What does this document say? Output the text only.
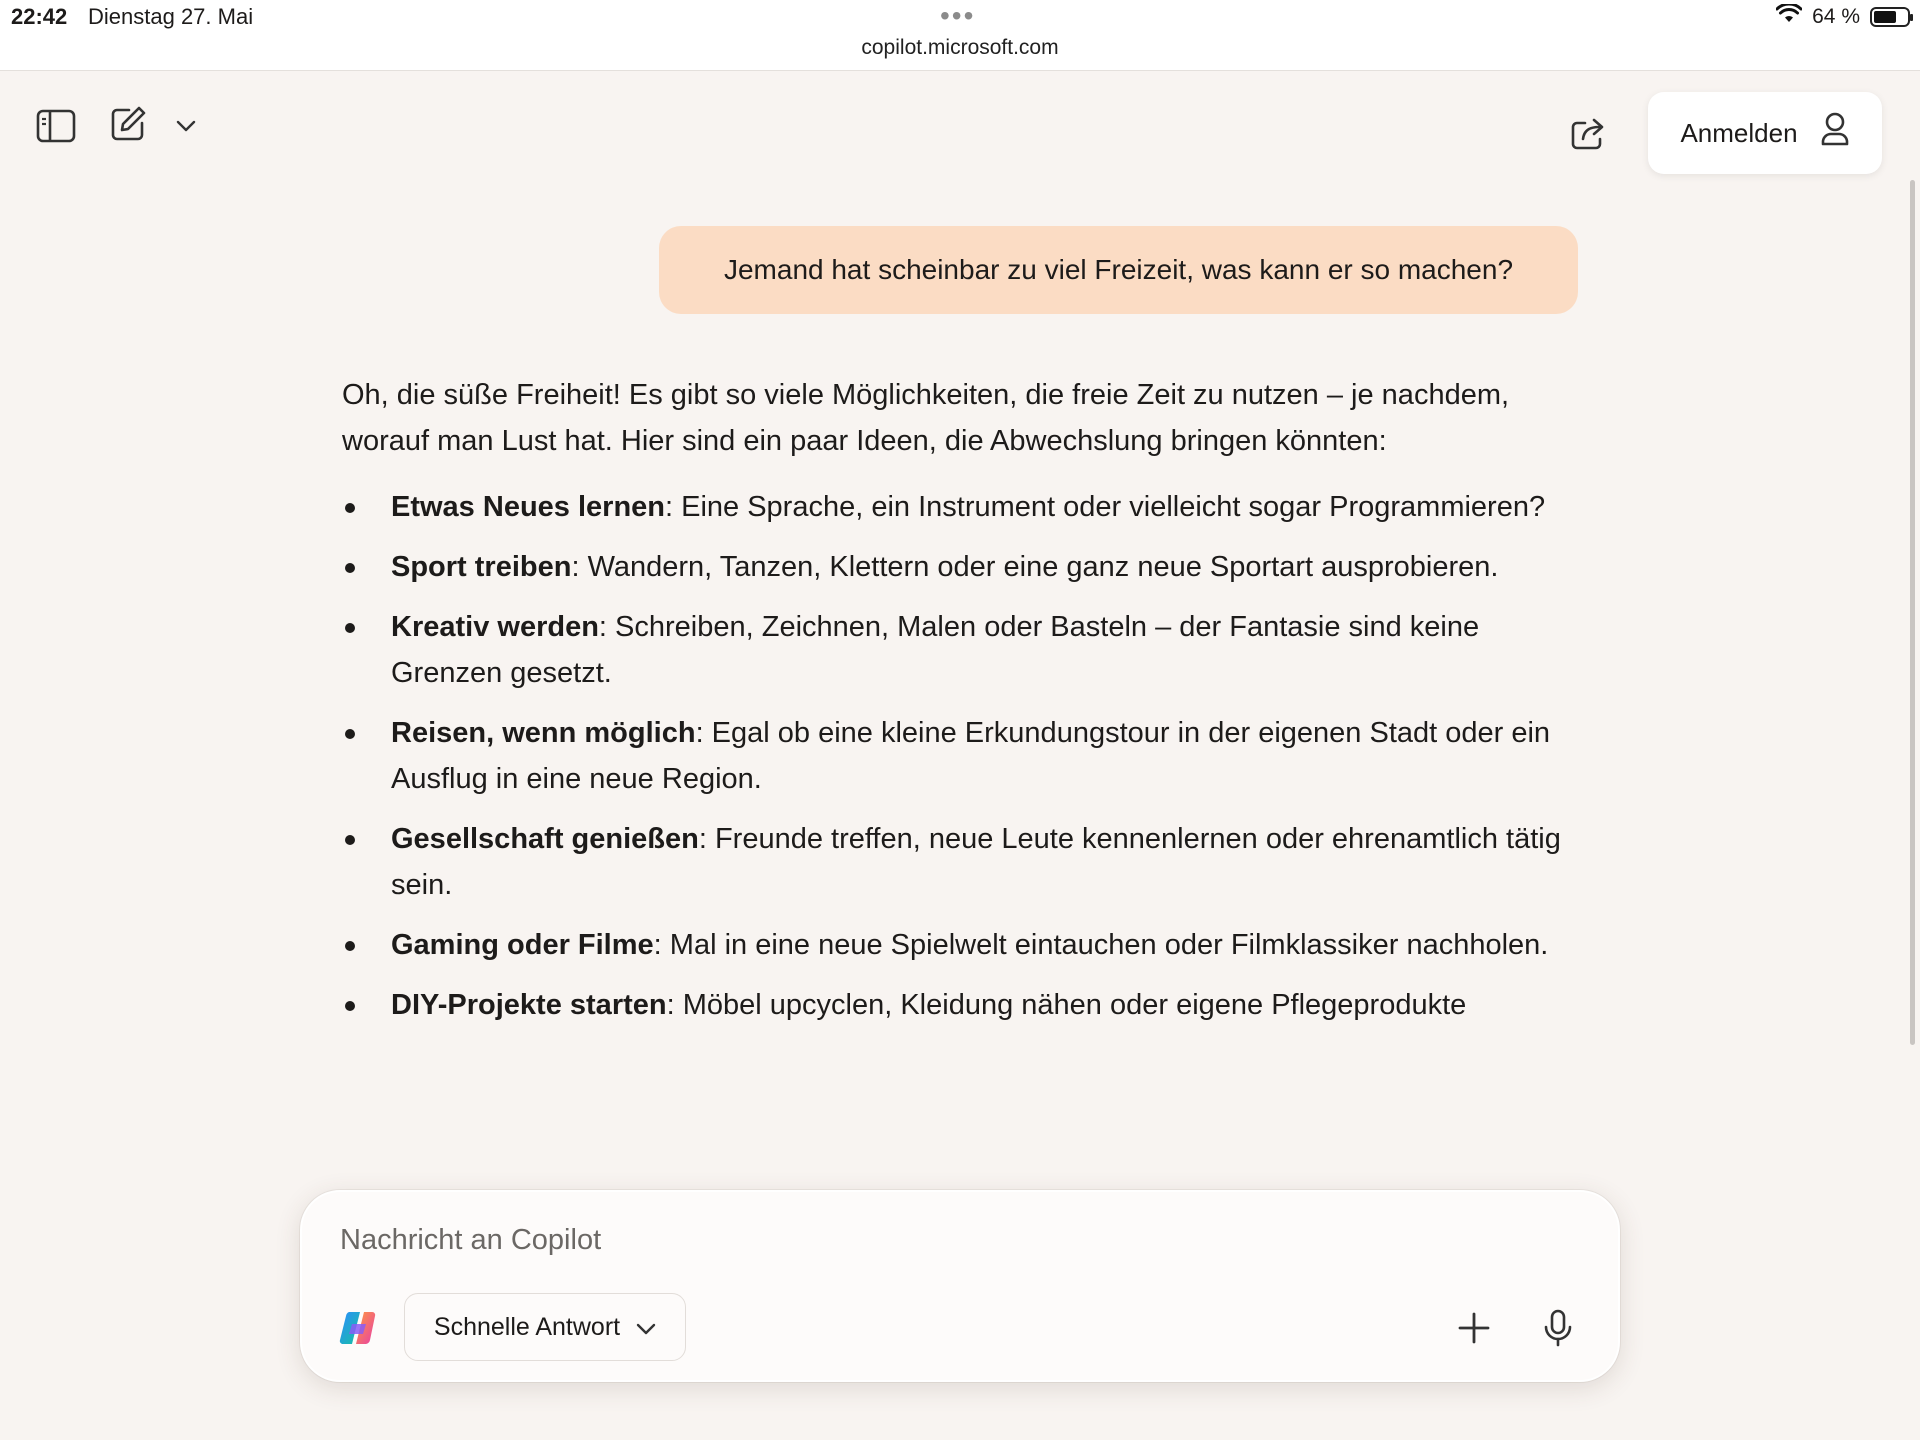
22:42 Dienstag 27. Mai	•••
copilot.microsoft.com
64 %
Anmelden
Jemand hat scheinbar zu viel Freizeit, was kann er so machen?

Oh, die süße Freiheit! Es gibt so viele Möglichkeiten, die freie Zeit zu nutzen – je nachdem, worauf man Lust hat. Hier sind ein paar Ideen, die Abwechslung bringen könnten:

Etwas Neues lernen: Eine Sprache, ein Instrument oder vielleicht sogar Programmieren?
Sport treiben: Wandern, Tanzen, Klettern oder eine ganz neue Sportart ausprobieren.
Kreativ werden: Schreiben, Zeichnen, Malen oder Basteln – der Fantasie sind keine Grenzen gesetzt.
Reisen, wenn möglich: Egal ob eine kleine Erkundungstour in der eigenen Stadt oder ein Ausflug in eine neue Region.
Gesellschaft genießen: Freunde treffen, neue Leute kennenlernen oder ehrenamtlich tätig sein.
Gaming oder Filme: Mal in eine neue Spielwelt eintauchen oder Filmklassiker nachholen.
DIY-Projekte starten: Möbel upcyclen, Kleidung nähen oder eigene Pflegeprodukte
Nachricht an Copilot
Schnelle Antwort
